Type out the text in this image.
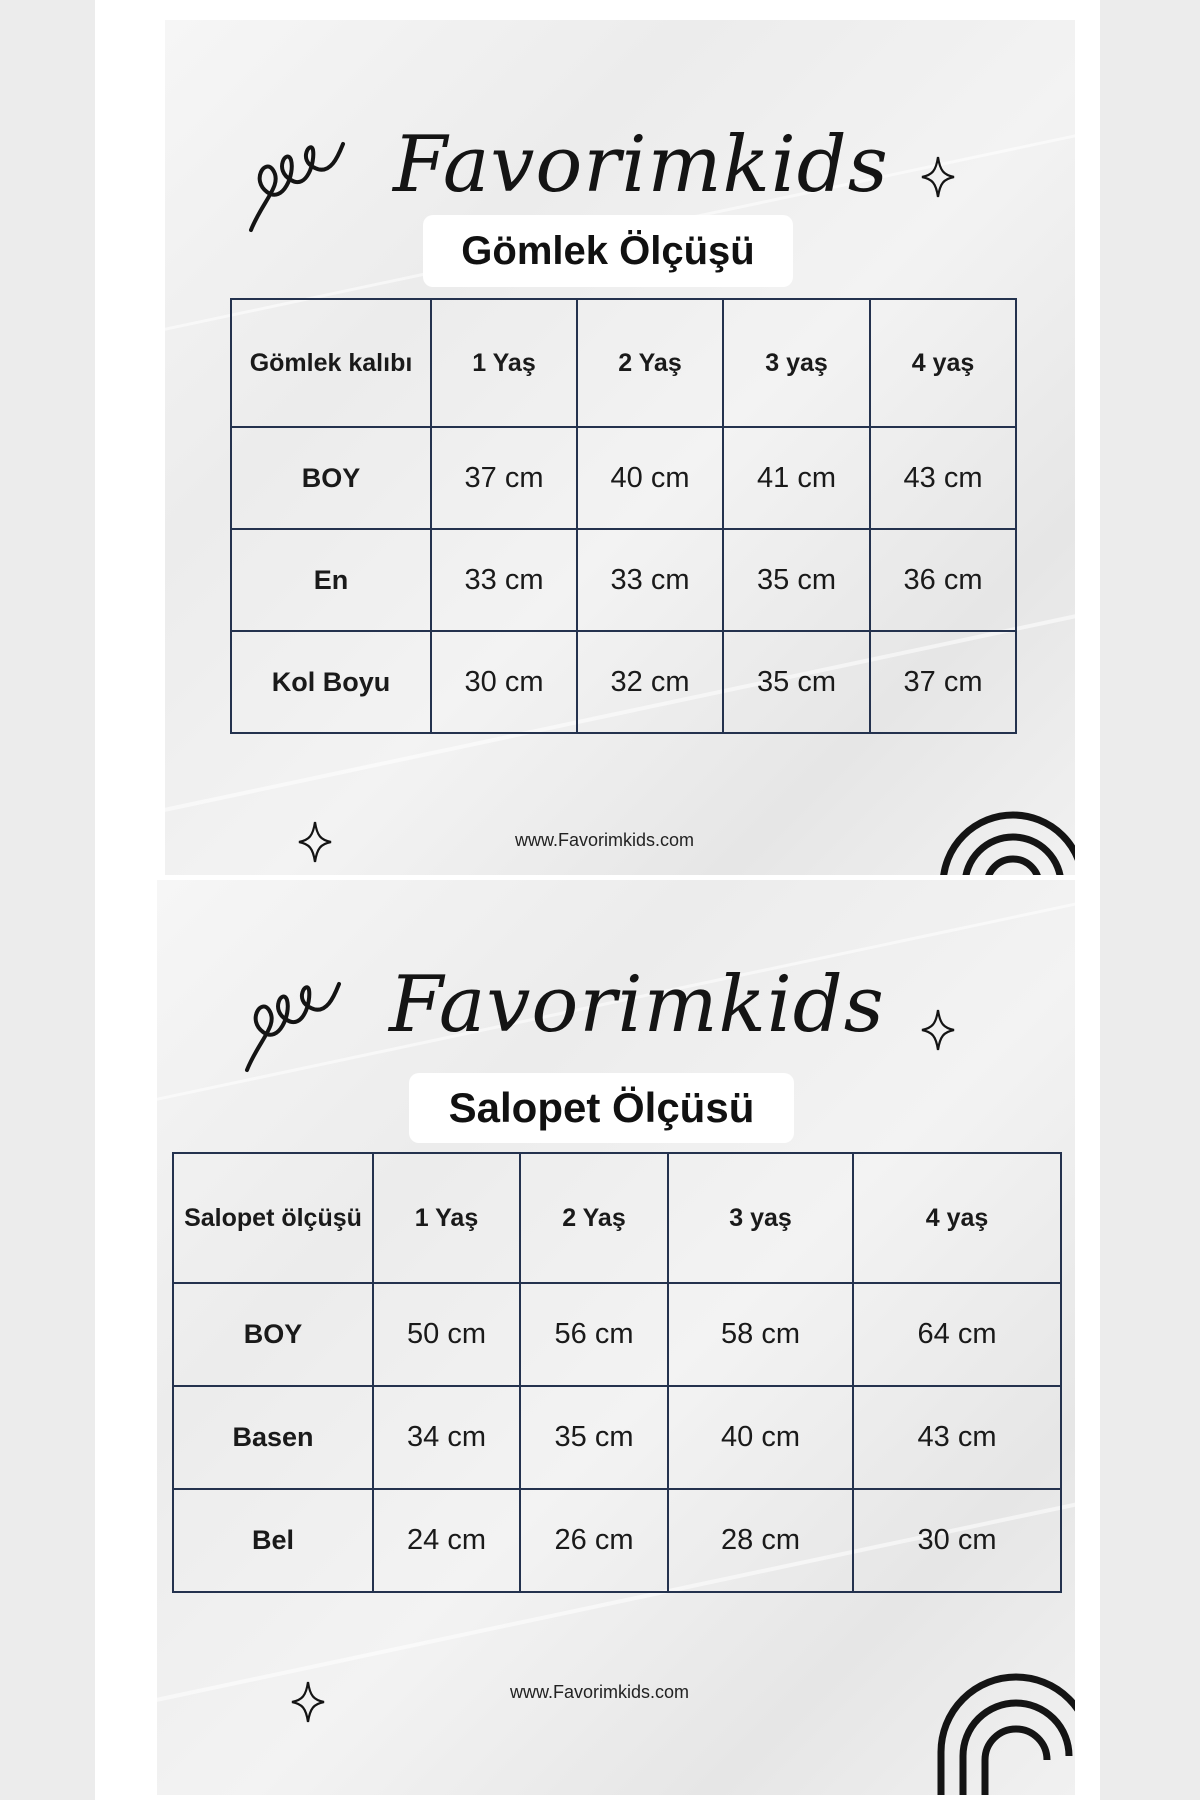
Favorimkids
Gömlek Ölçüşü
Gömlek kalıbı	1 Yaş	2 Yaş	3 yaş	4 yaş
BOY	37 cm	40 cm	41 cm	43 cm
En	33 cm	33 cm	35 cm	36 cm
Kol Boyu	30 cm	32 cm	35 cm	37 cm
www.Favorimkids.com
Favorimkids
Salopet Ölçüsü
Salopet ölçüşü	1 Yaş	2 Yaş	3 yaş	4 yaş
BOY	50 cm	56 cm	58 cm	64 cm
Basen	34 cm	35 cm	40 cm	43 cm
Bel	24 cm	26 cm	28 cm	30 cm
www.Favorimkids.com
